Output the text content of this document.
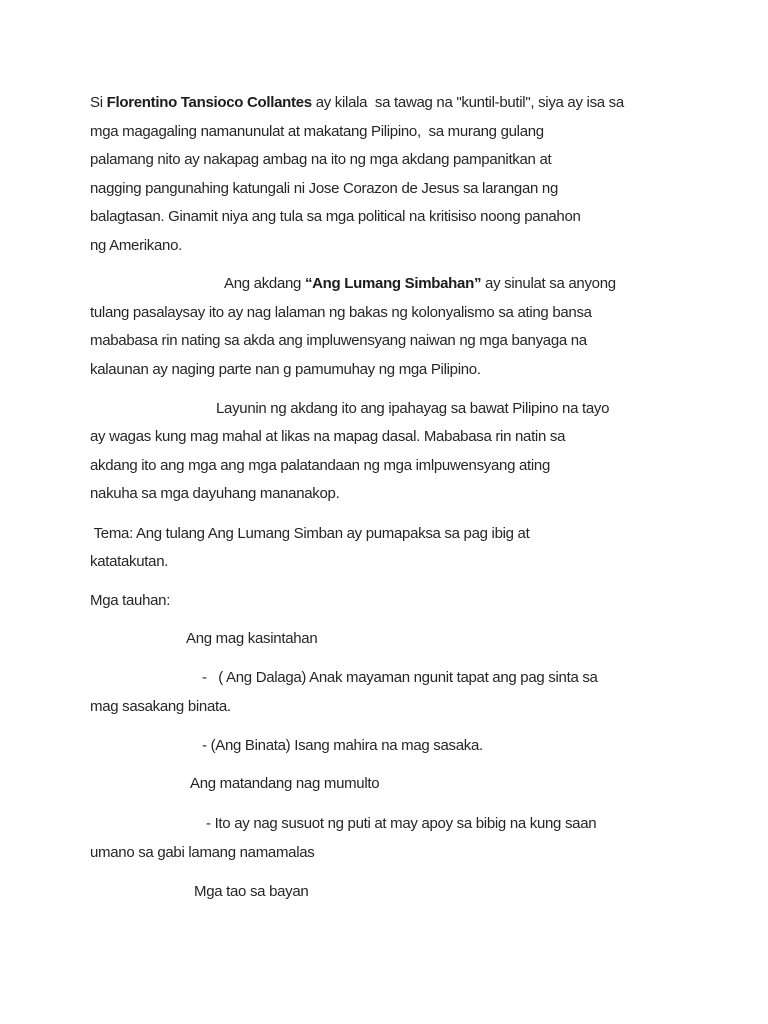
Si Florentino Tansioco Collantes ay kilala  sa tawag na "kuntil-butil", siya ay isa sa
mga magagaling namanunulat at makatang Pilipino,  sa murang gulang
palamang nito ay nakapag ambag na ito ng mga akdang pampanitkan at
nagging pangunahing katungali ni Jose Corazon de Jesus sa larangan ng
balagtasan. Ginamit niya ang tula sa mga political na kritisiso noong panahon
ng Amerikano.
Ang akdang “Ang Lumang Simbahan” ay sinulat sa anyong
tulang pasalaysay ito ay nag lalaman ng bakas ng kolonyalismo sa ating bansa
mababasa rin nating sa akda ang impluwensyang naiwan ng mga banyaga na
kalaunan ay naging parte nan g pamumuhay ng mga Pilipino.
Layunin ng akdang ito ang ipahayag sa bawat Pilipino na tayo
ay wagas kung mag mahal at likas na mapag dasal. Mababasa rin natin sa
akdang ito ang mga ang mga palatandaan ng mga imlpuwensyang ating
nakuha sa mga dayuhang mananakop.
Tema: Ang tulang Ang Lumang Simban ay pumapaksa sa pag ibig at
katatakutan.
Mga tauhan:
Ang mag kasintahan
-   ( Ang Dalaga) Anak mayaman ngunit tapat ang pag sinta sa
mag sasakang binata.
- (Ang Binata) Isang mahira na mag sasaka.
Ang matandang nag mumulto
- Ito ay nag susuot ng puti at may apoy sa bibig na kung saan
umano sa gabi lamang namamalas
Mga tao sa bayan
